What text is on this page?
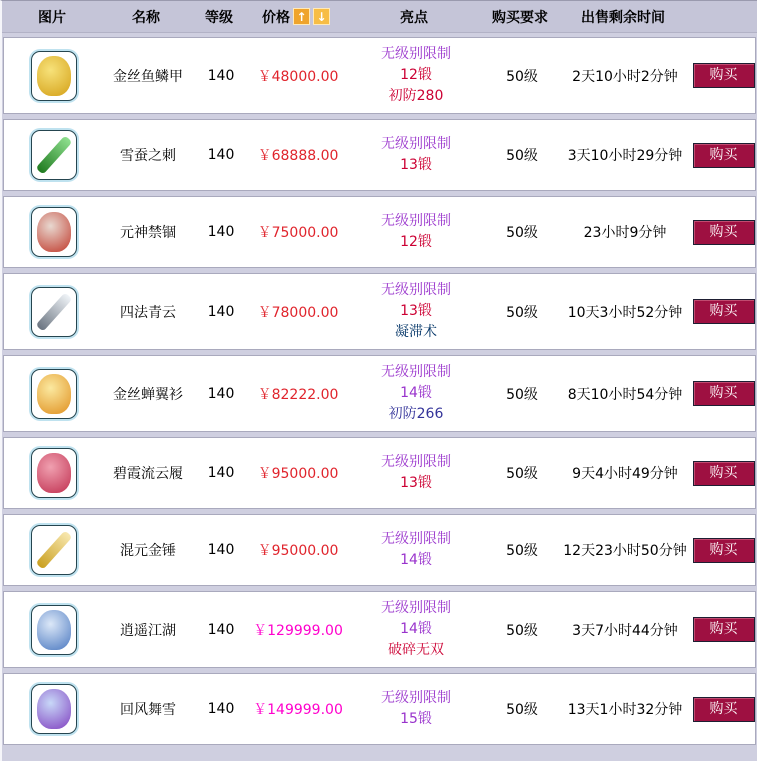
图片	名称	等级	价格 ↑ ↓	亮点	购买要求	出售剩余时间
金丝鱼鳞甲	140	￥48000.00
无级别限制
12锻
初防280
50级	2天10小时2分钟	购买
雪蚕之刺	140	￥68888.00
无级别限制
13锻
50级	3天10小时29分钟	购买
元神禁锢	140	￥75000.00
无级别限制
12锻
50级	23小时9分钟	购买
四法青云	140	￥78000.00
无级别限制
13锻
凝滞术
50级	10天3小时52分钟	购买
金丝蝉翼衫	140	￥82222.00
无级别限制
14锻
初防266
50级	8天10小时54分钟	购买
碧霞流云履	140	￥95000.00
无级别限制
13锻
50级	9天4小时49分钟	购买
混元金锤	140	￥95000.00
无级别限制
14锻
50级	12天23小时50分钟	购买
逍遥江湖	140	￥129999.00
无级别限制
14锻
破碎无双
50级	3天7小时44分钟	购买
回风舞雪	140	￥149999.00
无级别限制
15锻
50级	13天1小时32分钟	购买
